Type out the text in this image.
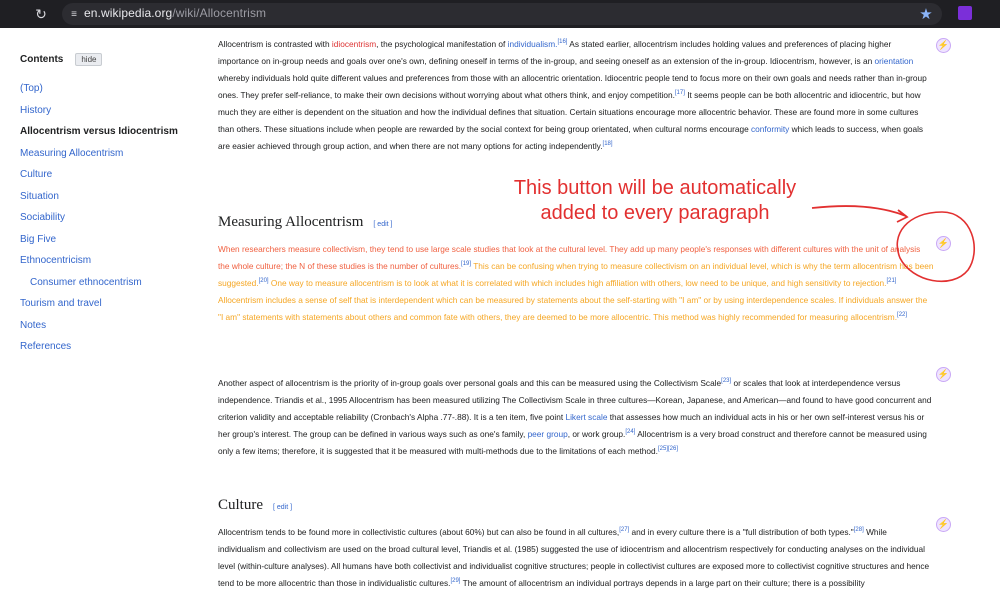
↻	≡ en.wikipedia.org/wiki/Allocentrism	★
Contents	hide
(Top)
History
Allocentrism versus Idiocentrism
Measuring Allocentrism
Culture
Situation
Sociability
Big Five
Ethnocentricism
Consumer ethnocentrism
Tourism and travel
Notes
References

Allocentrism is contrasted with idiocentrism, the psychological manifestation of individualism.[16] As stated earlier, allocentrism includes holding values and preferences of placing higher importance on in-group needs and goals over one's own, defining oneself in terms of the in-group, and seeing oneself as an extension of the in-group. Idiocentrism, however, is an orientation whereby individuals hold quite different values and preferences from those with an allocentric orientation. Idiocentric people tend to focus more on their own goals and needs rather than in-group ones. They prefer self-reliance, to make their own decisions without worrying about what others think, and enjoy competition.[17] It seems people can be both allocentric and idiocentric, but how much they are either is dependent on the situation and how the individual defines that situation. Certain situations encourage more allocentric behavior. These are found more in some cultures than others. These situations include when people are rewarded by the social context for being group orientated, when cultural norms encourage conformity which leads to success, when goals are easier achieved through group action, and when there are not many options for acting independently.[18]

Measuring Allocentrism [ edit ]

When researchers measure collectivism, they tend to use large scale studies that look at the cultural level. They add up many people's responses with different cultures with the unit of analysis the whole culture; the N of these studies is the number of cultures.[19] This can be confusing when trying to measure collectivism on an individual level, which is why the term allocentrism has been suggested.[20] One way to measure allocentrism is to look at what it is correlated with which includes high affiliation with others, low need to be unique, and high sensitivity to rejection.[21] Allocentrism includes a sense of self that is interdependent which can be measured by statements about the self-starting with "I am" or by using interdependence scales. If individuals answer the "I am" statements with statements about others and common fate with others, they are deemed to be more allocentric. This method was highly recommended for measuring allocentrism.[22]

Another aspect of allocentrism is the priority of in-group goals over personal goals and this can be measured using the Collectivism Scale[23] or scales that look at interdependence versus independence. Triandis et al., 1995 Allocentrism has been measured utilizing The Collectivism Scale in three cultures—Korean, Japanese, and American—and found to have good concurrent and criterion validity and acceptable reliability (Cronbach's Alpha .77-.88). It is a ten item, five point Likert scale that assesses how much an individual acts in his or her own self-interest versus his or her group's interest. The group can be defined in various ways such as one's family, peer group, or work group.[24] Allocentrism is a very broad construct and therefore cannot be measured using only a few items; therefore, it is suggested that it be measured with multi-methods due to the limitations of each method.[25][26]

Culture [ edit ]

Allocentrism tends to be found more in collectivistic cultures (about 60%) but can also be found in all cultures,[27] and in every culture there is a "full distribution of both types."[28] While individualism and collectivism are used on the broad cultural level, Triandis et al. (1985) suggested the use of idiocentrism and allocentrism respectively for conducting analyses on the individual level (within-culture analyses). All humans have both collectivist and individualist cognitive structures; people in collectivist cultures are exposed more to collectivist cognitive structures and hence tend to be more allocentric than those in individualistic cultures.[29] The amount of allocentrism an individual portrays depends in a large part on their culture; there is a possibility

⚡
⚡
⚡
⚡
This button will be automatically
added to every paragraph
